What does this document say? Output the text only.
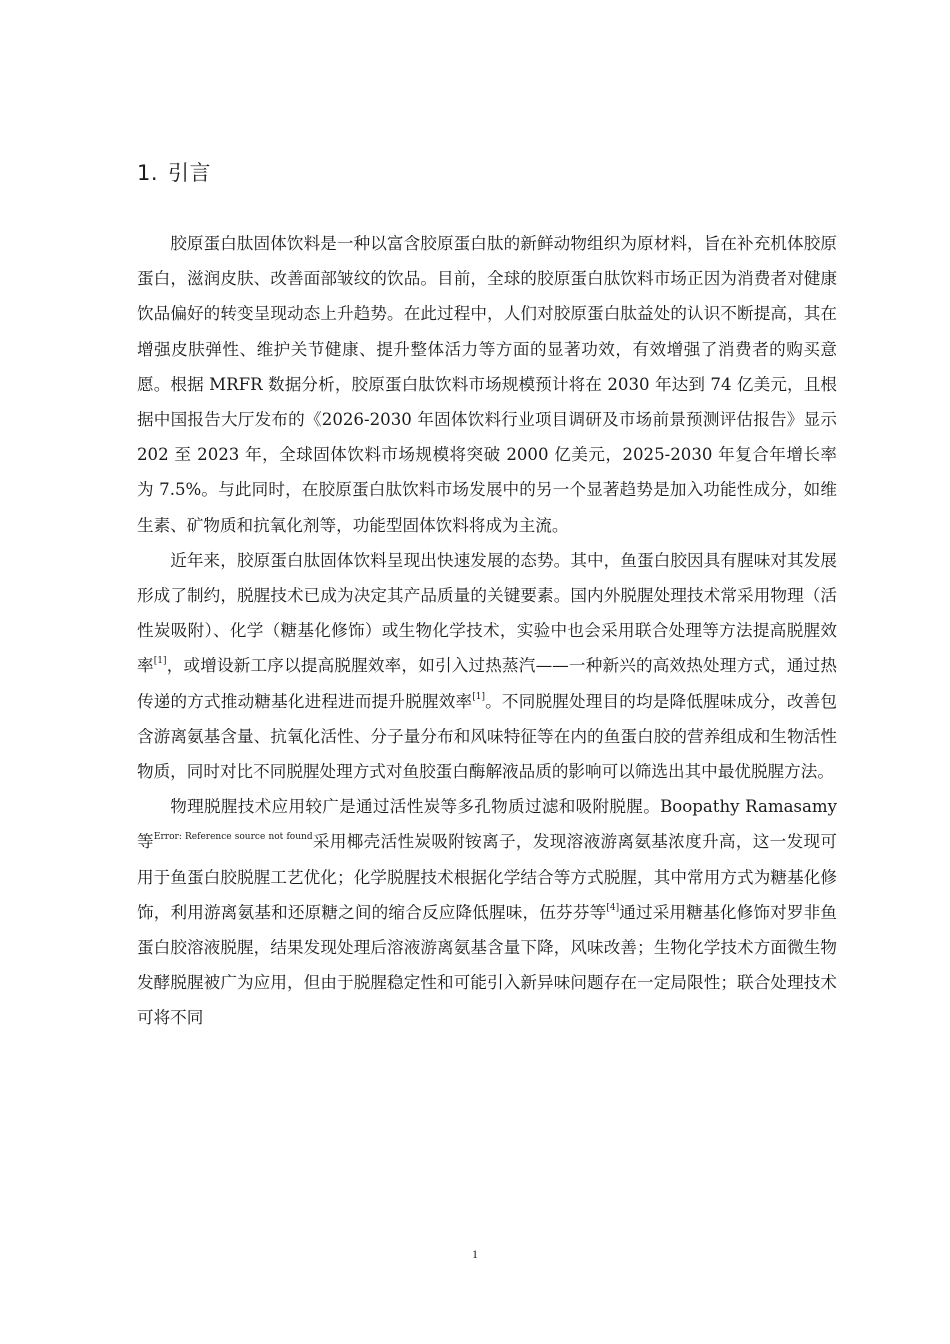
1. 引言

胶原蛋白肽固体饮料是一种以富含胶原蛋白肽的新鲜动物组织为原材料，旨在补充机体胶原蛋白，滋润皮肤、改善面部皱纹的饮品。目前，全球的胶原蛋白肽饮料市场正因为消费者对健康饮品偏好的转变呈现动态上升趋势。在此过程中，人们对胶原蛋白肽益处的认识不断提高，其在增强皮肤弹性、维护关节健康、提升整体活力等方面的显著功效，有效增强了消费者的购买意愿。根据 MRFR 数据分析，胶原蛋白肽饮料市场规模预计将在 2030 年达到 74 亿美元，且根据中国报告大厅发布的《2026-2030 年固体饮料行业项目调研及市场前景预测评估报告》显示 202 至 2023 年，全球固体饮料市场规模将突破 2000 亿美元，2025-2030 年复合年增长率为 7.5%。与此同时，在胶原蛋白肽饮料市场发展中的另一个显著趋势是加入功能性成分，如维生素、矿物质和抗氧化剂等，功能型固体饮料将成为主流。

近年来，胶原蛋白肽固体饮料呈现出快速发展的态势。其中，鱼蛋白胶因具有腥味对其发展形成了制约，脱腥技术已成为决定其产品质量的关键要素。国内外脱腥处理技术常采用物理（活性炭吸附）、化学（糖基化修饰）或生物化学技术，实验中也会采用联合处理等方法提高脱腥效率[1]，或增设新工序以提高脱腥效率，如引入过热蒸汽——一种新兴的高效热处理方式，通过热传递的方式推动糖基化进程进而提升脱腥效率[1]。不同脱腥处理目的均是降低腥味成分，改善包含游离氨基含量、抗氧化活性、分子量分布和风味特征等在内的鱼蛋白胶的营养组成和生物活性物质，同时对比不同脱腥处理方式对鱼胶蛋白酶解液品质的影响可以筛选出其中最优脱腥方法。

物理脱腥技术应用较广是通过活性炭等多孔物质过滤和吸附脱腥。Boopathy Ramasamy 等$^{Error: Reference source not found}$采用椰壳活性炭吸附铵离子，发现溶液游离氨基浓度升高，这一发现可用于鱼蛋白胶脱腥工艺优化；化学脱腥技术根据化学结合等方式脱腥，其中常用方式为糖基化修饰，利用游离氨基和还原糖之间的缩合反应降低腥味，伍芬芬等[4]通过采用糖基化修饰对罗非鱼蛋白胶溶液脱腥，结果发现处理后溶液游离氨基含量下降，风味改善；生物化学技术方面微生物发酵脱腥被广为应用，但由于脱腥稳定性和可能引入新异味问题存在一定局限性；联合处理技术可将不同

1
